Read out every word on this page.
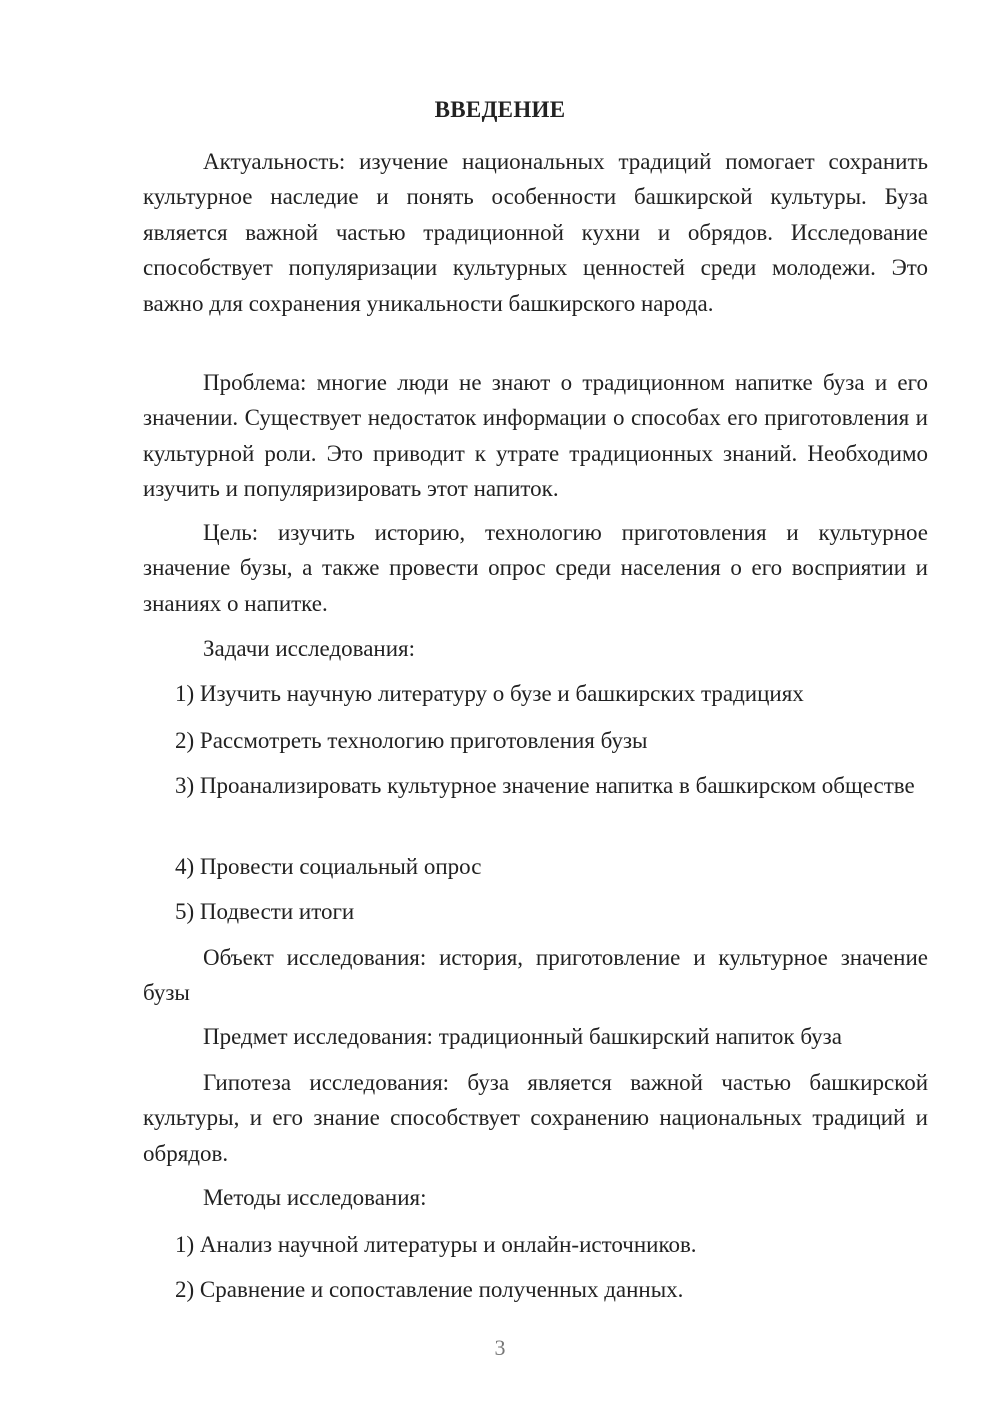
ВВЕДЕНИЕ

Актуальность: изучение национальных традиций помогает сохранить культурное наследие и понять особенности башкирской культуры. Буза является важной частью традиционной кухни и обрядов. Исследование способствует популяризации культурных ценностей среди молодежи. Это важно для сохранения уникальности башкирского народа.

Проблема: многие люди не знают о традиционном напитке буза и его значении. Существует недостаток информации о способах его приготовления и культурной роли. Это приводит к утрате традиционных знаний. Необходимо изучить и популяризировать этот напиток.

Цель: изучить историю, технологию приготовления и культурное значение бузы, а также провести опрос среди населения о его восприятии и знаниях о напитке.

Задачи исследования:

1) Изучить научную литературу о бузе и башкирских традициях

2) Рассмотреть технологию приготовления бузы

3) Проанализировать культурное значение напитка в башкирском обществе

4) Провести социальный опрос

5) Подвести итоги

Объект исследования: история, приготовление и культурное значение бузы

Предмет исследования: традиционный башкирский напиток буза

Гипотеза исследования: буза является важной частью башкирской культуры, и его знание способствует сохранению национальных традиций и обрядов.

Методы исследования:

1) Анализ научной литературы и онлайн-источников.

2) Сравнение и сопоставление полученных данных.

3
